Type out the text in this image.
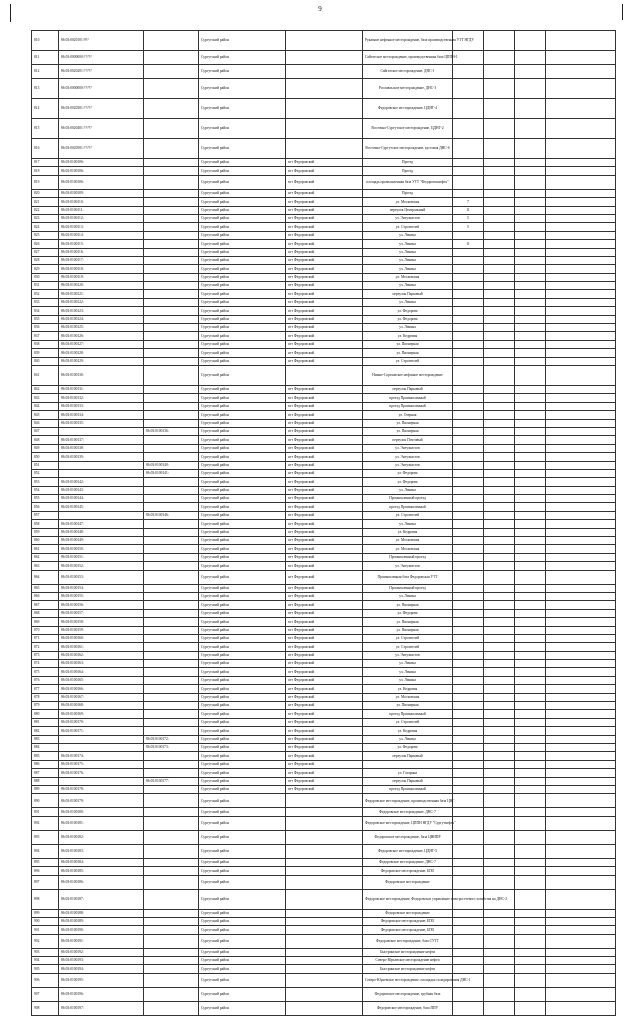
9
810	86:03:0020101:9??		Сургутский район		Рукавное нефтяное месторождение, база производственная УТТ НГДУ				
811	86:03:0000000:?????		Сургутский район		Сайгатское месторождение, производственная база ЦППН-1				
812	86:03:0020201:?????		Сургутский район		Сайгатское месторождение, ДНС-1				
813	86:03:0000000:?????		Сургутский район		Рославльское месторождение, ДНС-3				
814	86:03:0020301:?????		Сургутский район		Федоровское месторождение, ЦДНГ-4				
815	86:03:0020401:?????		Сургутский район		Восточно-Сургутское месторождение, ЦДНГ-2				
816	86:03:0020501:?????		Сургутский район		Восточно-Сургутское месторождение, кустовая ДНС-6				
817	86:03:0100106:		Сургутский район	пгт Федоровский	Проезд				
818	86:03:0100106:		Сургутский район	пгт Федоровский	Проезд				
819	86:03:0100106:		Сургутский район	пгт Федоровский	площадь промышленная база УТТ "Федоровскнефть"				
820	86:03:0100109:		Сургутский район	пгт Федоровский	Проезд				
821	86:03:0100110:		Сургутский район	пгт Федоровский	ул. Московская	7			
822	86:03:0100111:		Сургутский район	пгт Федоровский	переулок Центральный	11			
823	86:03:0100112:		Сургутский район	пгт Федоровский	ул. Энтузиастов	5			
824	86:03:0100113:		Сургутский район	пгт Федоровский	ул. Строителей	5			
825	86:03:0100114:		Сургутский район	пгт Федоровский	ул. Ленина				
826	86:03:0100115:		Сургутский район	пгт Федоровский	ул. Ленина	11			
827	86:03:0100116:		Сургутский район	пгт Федоровский	ул. Ленина				
828	86:03:0100117:		Сургутский район	пгт Федоровский	ул. Ленина				
829	86:03:0100118:		Сургутский район	пгт Федоровский	ул. Ленина				
830	86:03:0100119:		Сургутский район	пгт Федоровский	ул. Московская				
831	86:03:0100120:		Сургутский район	пгт Федоровский	ул. Ленина				
832	86:03:0100121:		Сургутский район	пгт Федоровский	переулок Парковый				
833	86:03:0100122:		Сургутский район	пгт Федоровский	ул. Ленина				
834	86:03:0100123:		Сургутский район	пгт Федоровский	ул. Федорова				
835	86:03:0100124:		Сургутский район	пгт Федоровский	ул. Федорова				
836	86:03:0100125:		Сургутский район	пгт Федоровский	ул. Ленина				
837	86:03:0100126:		Сургутский район	пгт Федоровский	ул. Кедровая				
838	86:03:0100127:		Сургутский район	пгт Федоровский	ул. Пионерная				
839	86:03:0100128:		Сургутский район	пгт Федоровский	ул. Пионерная				
840	86:03:0100129:		Сургутский район	пгт Федоровский	ул. Строителей				
841	86:03:0100130:		Сургутский район		Нижне-Сортымское нефтяное месторождение				
842	86:03:0100131:		Сургутский район	пгт Федоровский	переулок Парковый				
843	86:03:0100132:		Сургутский район	пгт Федоровский	проезд Промышленный				
844	86:03:0100133:		Сургутский район	пгт Федоровский	проезд Промышленный				
845	86:03:0100134:		Сургутский район	пгт Федоровский	ул. Озерная				
846	86:03:0100135:		Сургутский район	пгт Федоровский	ул. Пионерная				
847		86:03:0100136:	Сургутский район	пгт Федоровский	ул. Пионерная				
848	86:03:0100137:		Сургутский район	пгт Федоровский	переулок Почтовый				
849	86:03:0100138:		Сургутский район	пгт Федоровский	ул. Энтузиастов				
850	86:03:0100139:		Сургутский район	пгт Федоровский	ул. Энтузиастов				
851		86:03:0100140:	Сургутский район	пгт Федоровский	ул. Энтузиастов				
852		86:03:0100141:	Сургутский район	пгт Федоровский	ул. Федорова				
853	86:03:0100142:		Сургутский район	пгт Федоровский	ул. Федорова				
854	86:03:0100143:		Сургутский район	пгт Федоровский	ул. Ленина				
855	86:03:0100144:		Сургутский район	пгт Федоровский	Промышленный проезд				
856	86:03:0100145:		Сургутский район	пгт Федоровский	проезд Промышленный				
857		86:03:0100146:	Сургутский район	пгт Федоровский	ул. Строителей				
858	86:03:0100147:		Сургутский район	пгт Федоровский	ул. Ленина				
859	86:03:0100148:		Сургутский район	пгт Федоровский	ул. Кедровая				
860	86:03:0100149:		Сургутский район	пгт Федоровский	ул. Московская				
861	86:03:0100150:		Сургутский район	пгт Федоровский	ул. Московская				
862	86:03:0100151:		Сургутский район	пгт Федоровский	Промышленный проезд				
863	86:03:0100152:		Сургутский район	пгт Федоровский	ул. Энтузиастов				
864	86:03:0100153:		Сургутский район	пгт Федоровский	Промышленная база Федоровская УТТ				
865	86:03:0100154:		Сургутский район	пгт Федоровский	Промышленный проезд				
866	86:03:0100155:		Сургутский район	пгт Федоровский	ул. Ленина				
867	86:03:0100156:		Сургутский район	пгт Федоровский	ул. Пионерная				
868	86:03:0100157:		Сургутский район	пгт Федоровский	ул. Федорова				
869	86:03:0100158:		Сургутский район	пгт Федоровский	ул. Пионерная				
870	86:03:0100159:		Сургутский район	пгт Федоровский	ул. Пионерная				
871	86:03:0100160:		Сургутский район	пгт Федоровский	ул. Строителей				
872	86:03:0100161:		Сургутский район	пгт Федоровский	ул. Строителей				
873	86:03:0100162:		Сургутский район	пгт Федоровский	ул. Энтузиастов				
874	86:03:0100163:		Сургутский район	пгт Федоровский	ул. Ленина				
875	86:03:0100164:		Сургутский район	пгт Федоровский	ул. Ленина				
876	86:03:0100165:		Сургутский район	пгт Федоровский	ул. Ленина				
877	86:03:0100166:		Сургутский район	пгт Федоровский	ул. Кедровая				
878	86:03:0100167:		Сургутский район	пгт Федоровский	ул. Московская				
879	86:03:0100168:		Сургутский район	пгт Федоровский	ул. Пионерная				
880	86:03:0100169:		Сургутский район	пгт Федоровский	проезд Промышленный				
881	86:03:0100170:		Сургутский район	пгт Федоровский	ул. Строителей				
882	86:03:0100171:		Сургутский район	пгт Федоровский	ул. Кедровая				
883		86:03:0100172:	Сургутский район	пгт Федоровский	ул. Ленина				
884		86:03:0100173:	Сургутский район	пгт Федоровский	ул. Федорова				
885	86:03:0100174:		Сургутский район	пгт Федоровский	переулок Парковый				
886	86:03:0100175:		Сургутский район	пгт Федоровский					
887	86:03:0100176:		Сургутский район	пгт Федоровский	ул. Гагарина				
888		86:03:0100177:	Сургутский район	пгт Федоровский	переулок Парковый				
889	86:03:0100178:		Сургутский район	пгт Федоровский	проезд Промышленный				
890	86:03:0100179:		Сургутский район		Федоровское месторождение, производственная база ЦНГ				
891	86:03:0100180:		Сургутский район		Федоровское месторождение, ДНС-7				
892	86:03:0100181:		Сургутский район		Федоровское месторождение, ЦППН НГДУ "Сургутнефть"				
893	86:03:0100182:		Сургутский район		Федоровское месторождение, база ЦНИПР				
894	86:03:0100183:		Сургутский район		Федоровское месторождение, ЦДНГ-5				
895	86:03:0100184:		Сургутский район		Федоровское месторождение, ДНС-7				
896	86:03:0100185:		Сургутский район		Федоровское месторождение, БПО				
897	86:03:0100186:		Сургутский район		Федоровское месторождение				
898	86:03:0100187:		Сургутский район		Федоровское месторождение, Федоровское управление электросетевого хозяйства на ДНС-2				
899	86:03:0100188:		Сургутский район		Федоровское месторождение				
900	86:03:0100189:		Сургутский район		Федоровское месторождение, БПО				
901	86:03:0100190:		Сургутский район		Федоровское месторождение, БПО				
902	86:03:0100191:		Сургутский район		Федоровское месторождение, база СУТТ				
903	86:03:0100192:		Сургутский район		Быстринское месторождение нефти				
904	86:03:0100193:		Сургутский район		Северо-Юрьевское месторождение нефти				
905	86:03:0100194:		Сургутский район		Быстринское месторождение нефти				
906	86:03:0100195:		Сургутский район		Северо-Юрьевское месторождение, площадка складирования ДНС-1				
907	86:03:0100196:		Сургутский район		Федоровское месторождение, трубная база				
908	86:03:0100197:		Сургутский район		Федоровское месторождение, база ППУ				
